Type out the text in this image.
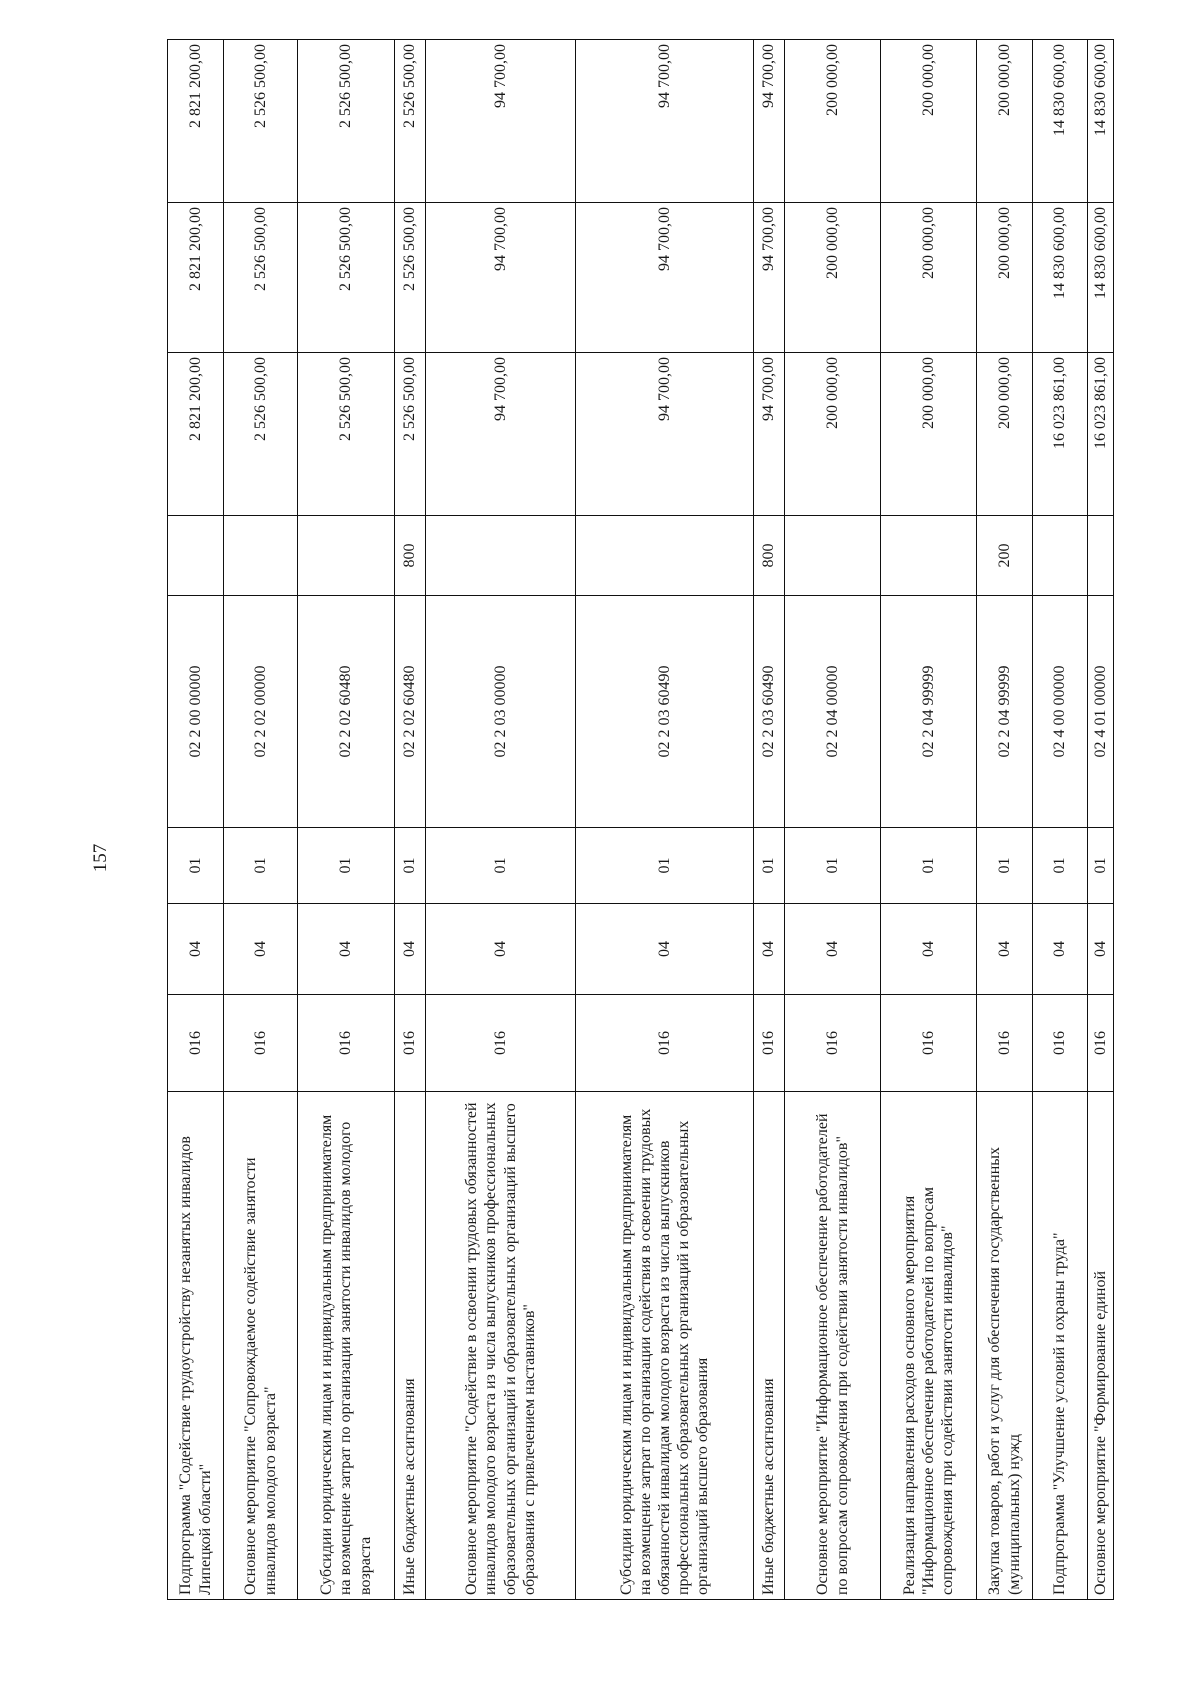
157
Подпрограмма "Содействие трудоустройству незанятых инвалидов Липецкой области"	016	04	01	02 2 00 00000		2 821 200,00	2 821 200,00	2 821 200,00
Основное мероприятие "Сопровождаемое содействие занятости инвалидов молодого возраста"	016	04	01	02 2 02 00000		2 526 500,00	2 526 500,00	2 526 500,00
Субсидии юридическим лицам и индивидуальным предпринимателям на возмещение затрат по организации занятости инвалидов молодого возраста	016	04	01	02 2 02 60480		2 526 500,00	2 526 500,00	2 526 500,00
Иные бюджетные ассигнования	016	04	01	02 2 02 60480	800	2 526 500,00	2 526 500,00	2 526 500,00
Основное мероприятие "Содействие в освоении трудовых обязанностей инвалидов молодого возраста из числа выпускников профессиональных образовательных организаций и образовательных организаций высшего образования с привлечением наставников"	016	04	01	02 2 03 00000		94 700,00	94 700,00	94 700,00
Субсидии юридическим лицам и индивидуальным предпринимателям на возмещение затрат по организации содействия в освоении трудовых обязанностей инвалидам молодого возраста из числа выпускников профессиональных образовательных организаций и образовательных организаций высшего образования	016	04	01	02 2 03 60490		94 700,00	94 700,00	94 700,00
Иные бюджетные ассигнования	016	04	01	02 2 03 60490	800	94 700,00	94 700,00	94 700,00
Основное мероприятие "Информационное обеспечение работодателей по вопросам сопровождения при содействии занятости инвалидов"	016	04	01	02 2 04 00000		200 000,00	200 000,00	200 000,00
Реализация направления расходов основного мероприятия "Информационное обеспечение работодателей по вопросам сопровождения при содействии занятости инвалидов"	016	04	01	02 2 04 99999		200 000,00	200 000,00	200 000,00
Закупка товаров, работ и услуг для обеспечения государственных (муниципальных) нужд	016	04	01	02 2 04 99999	200	200 000,00	200 000,00	200 000,00
Подпрограмма "Улучшение условий и охраны труда"	016	04	01	02 4 00 00000		16 023 861,00	14 830 600,00	14 830 600,00
Основное мероприятие "Формирование единой	016	04	01	02 4 01 00000		16 023 861,00	14 830 600,00	14 830 600,00
